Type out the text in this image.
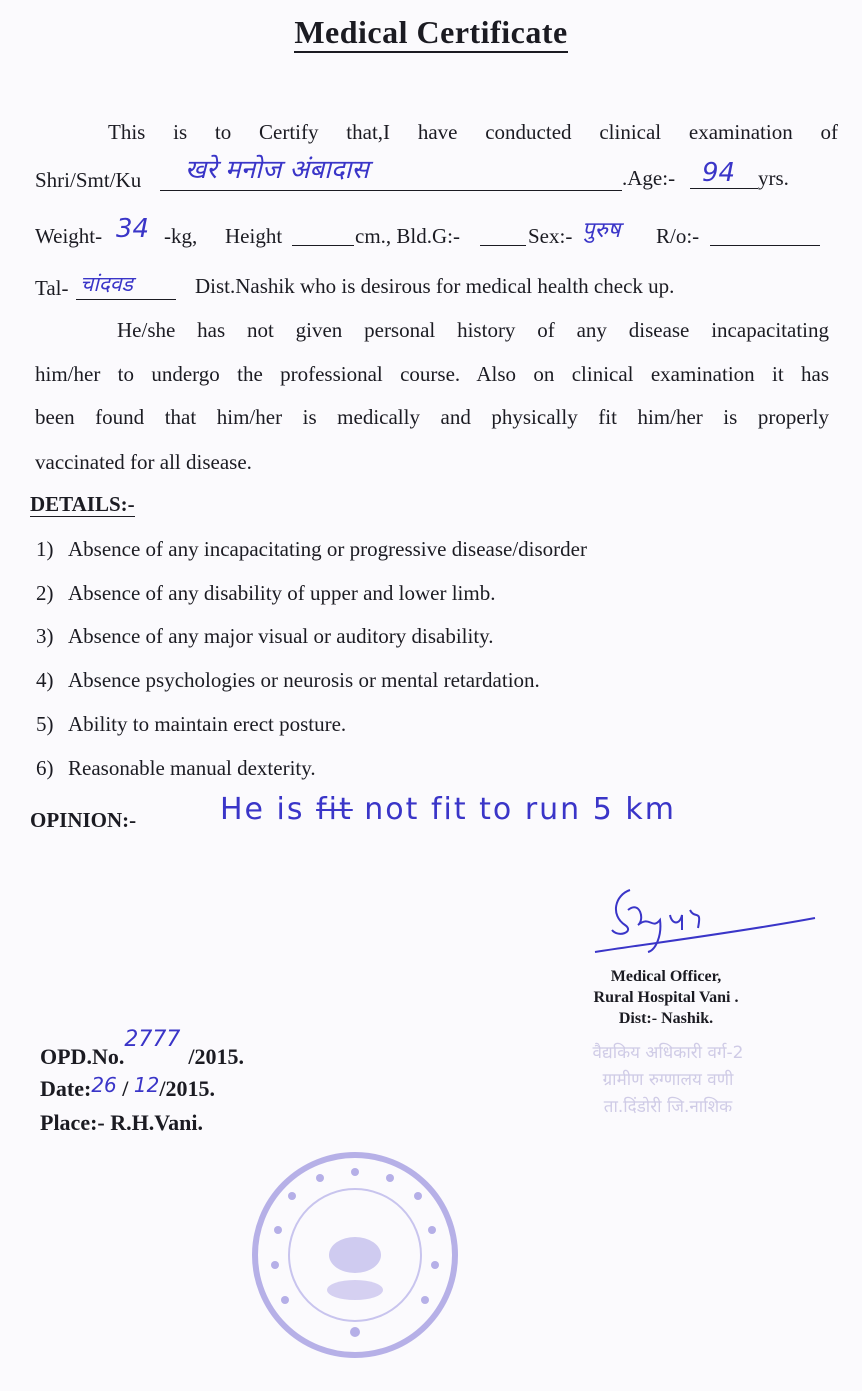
Medical Certificate
This is to Certify that,I have conducted clinical examination of
Shri/Smt/Ku खरे मनोज अंबादास	.Age:- 94 yrs.
Weight- 34 -kg, Height	cm., Bld.G:-	Sex:- पुरुष R/o:-
Tal- चांदवड	Dist.Nashik who is desirous for medical health check up.
He/she has not given personal history of any disease incapacitating
him/her to undergo the professional course. Also on clinical examination it has
been found that him/her is medically and physically fit him/her is properly
vaccinated for all disease.
DETAILS:-
1) Absence of any incapacitating or progressive disease/disorder
2) Absence of any disability of upper and lower limb.
3) Absence of any major visual or auditory disability.
4) Absence psychologies or neurosis or mental retardation.
5) Ability to maintain erect posture.
6) Reasonable manual dexterity.
OPINION:-	He is fit not fit to run 5 km
Medical Officer,
Rural Hospital Vani .
Dist:- Nashik.
वैद्यकिय अधिकारी वर्ग-2
ग्रामीण रुग्णालय वणी
ता.दिंडोरी जि.नाशिक
OPD.No.2777/2015.
Date:26 / 12/2015.
Place:- R.H.Vani.
